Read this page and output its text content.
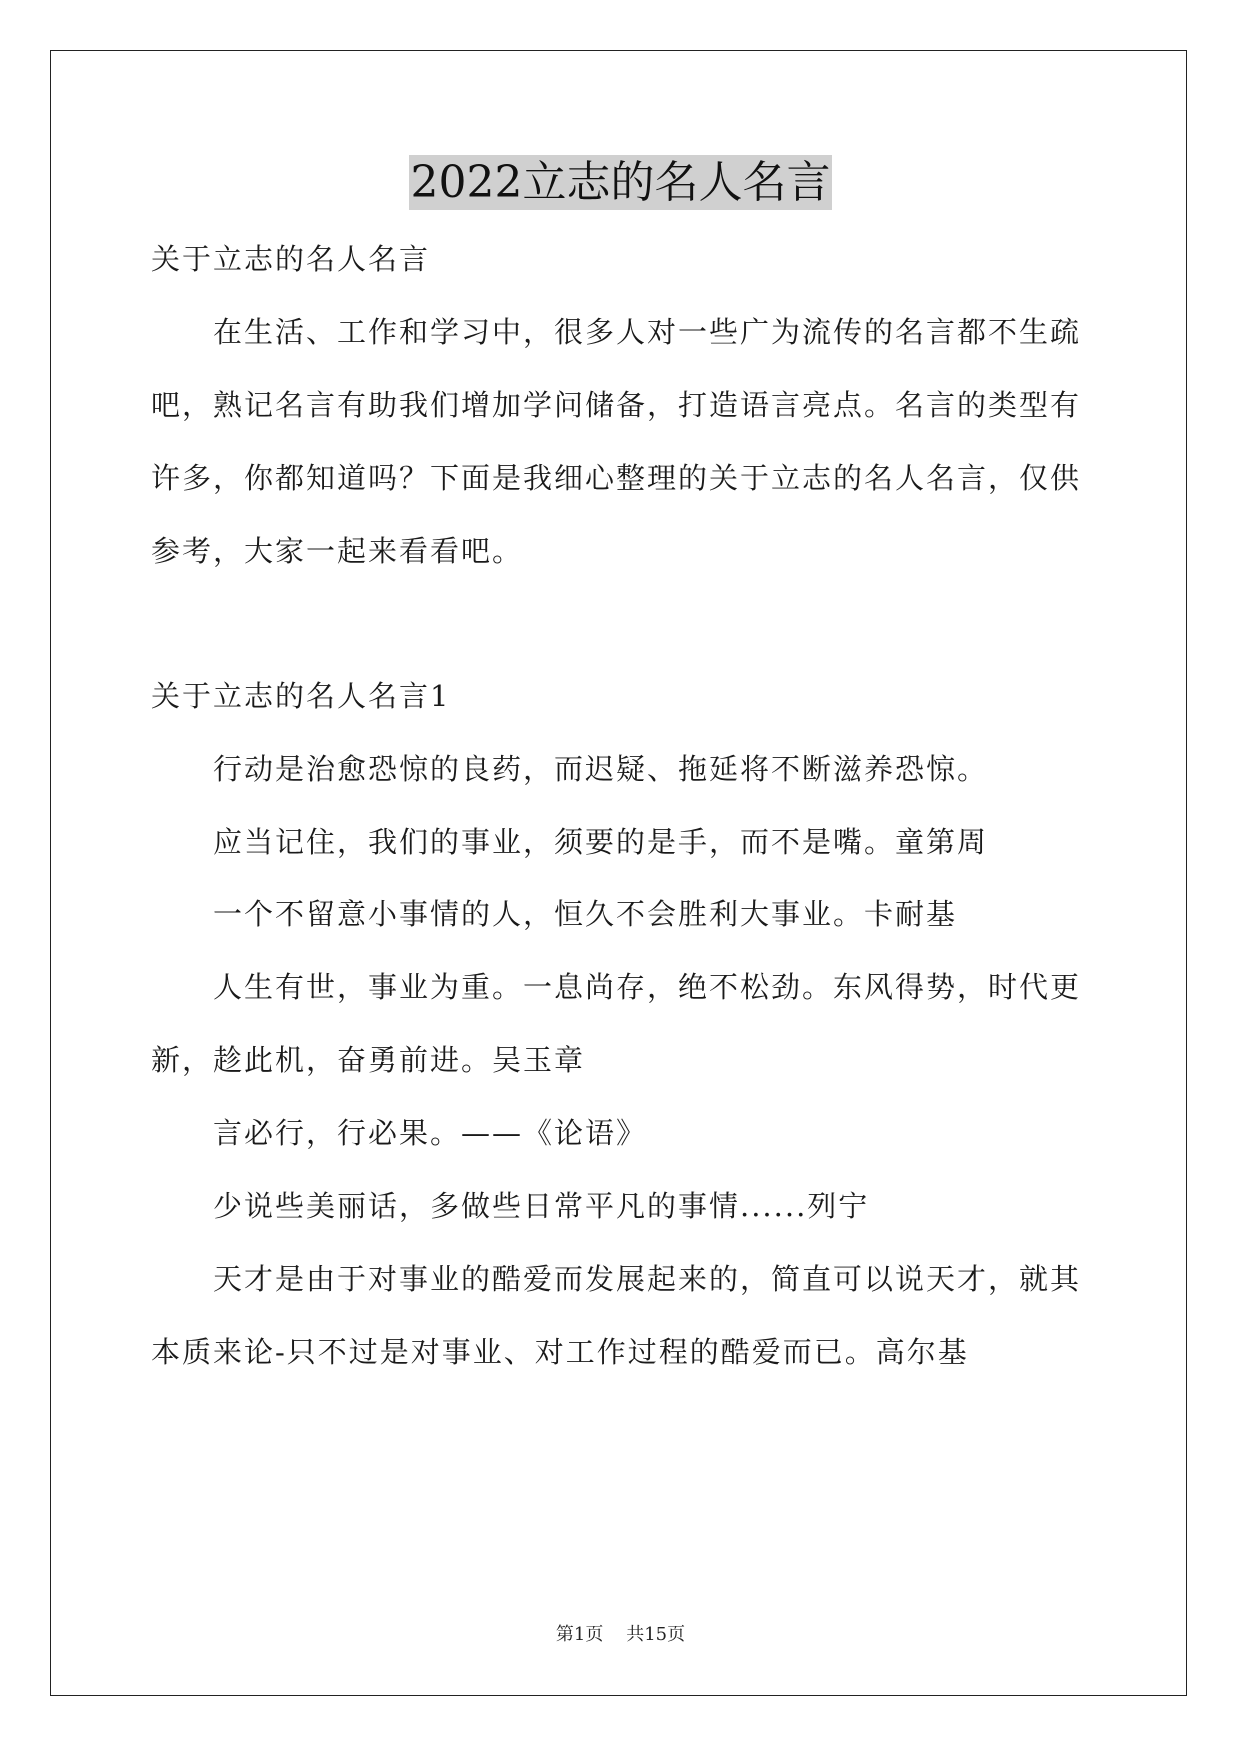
2022立志的名人名言
关于立志的名人名言
在生活、工作和学习中，很多人对一些广为流传的名言都不生疏
吧，熟记名言有助我们增加学问储备，打造语言亮点。名言的类型有
许多，你都知道吗？下面是我细心整理的关于立志的名人名言，仅供
参考，大家一起来看看吧。
关于立志的名人名言1
行动是治愈恐惊的良药，而迟疑、拖延将不断滋养恐惊。
应当记住，我们的事业，须要的是手，而不是嘴。童第周
一个不留意小事情的人，恒久不会胜利大事业。卡耐基
人生有世，事业为重。一息尚存，绝不松劲。东风得势，时代更
新，趁此机，奋勇前进。吴玉章
言必行，行必果。——《论语》
少说些美丽话，多做些日常平凡的事情......列宁
天才是由于对事业的酷爱而发展起来的，简直可以说天才，就其
本质来论-只不过是对事业、对工作过程的酷爱而已。高尔基
第1页    共15页
